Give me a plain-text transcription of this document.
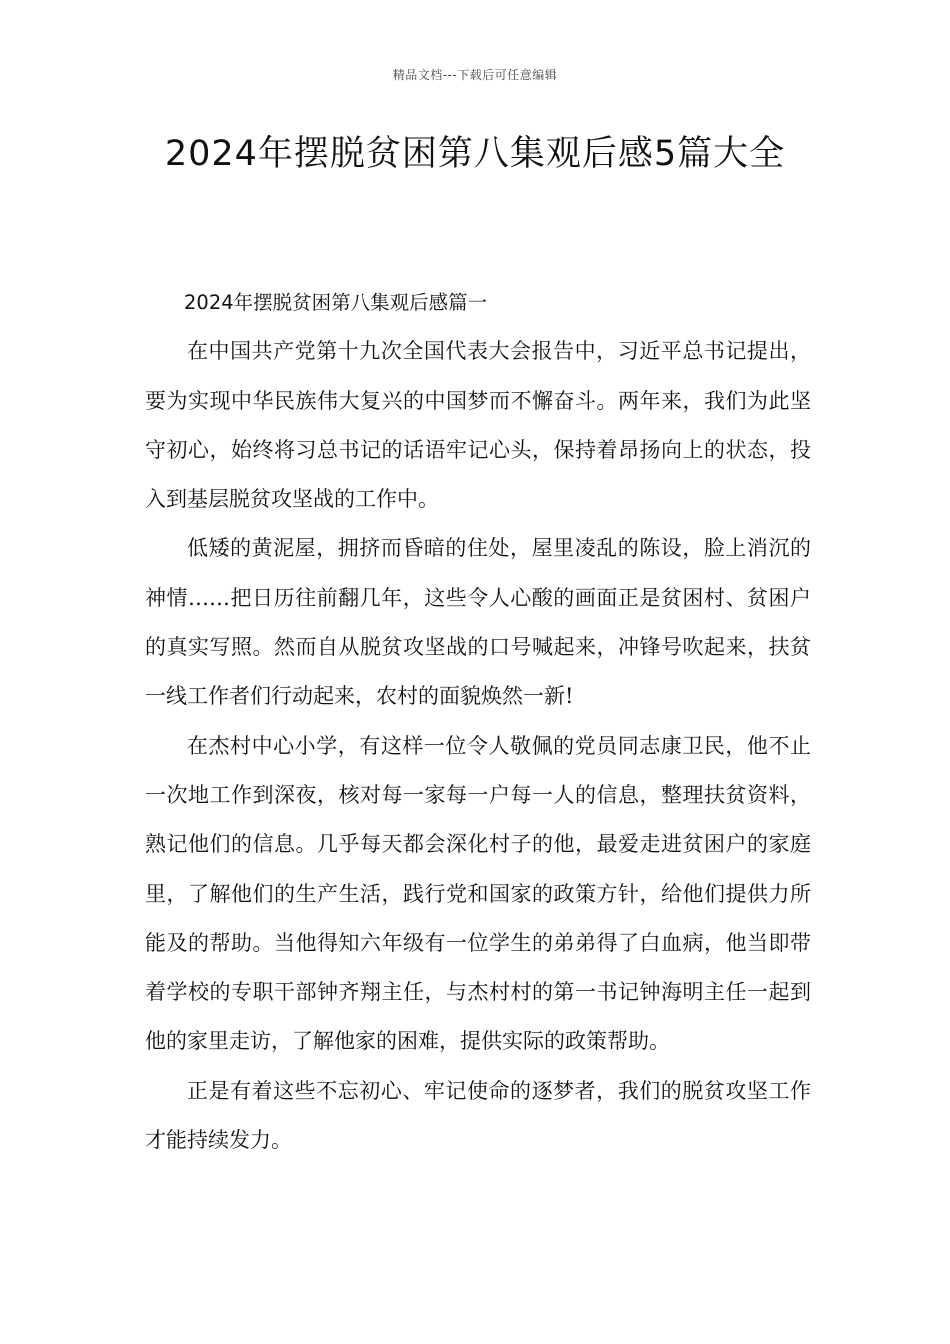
精品文档---下载后可任意编辑
2024年摆脱贫困第八集观后感5篇大全

2024年摆脱贫困第八集观后感篇一

在中国共产党第十九次全国代表大会报告中，习近平总书记提出，要为实现中华民族伟大复兴的中国梦而不懈奋斗。两年来，我们为此坚守初心，始终将习总书记的话语牢记心头，保持着昂扬向上的状态，投入到基层脱贫攻坚战的工作中。

低矮的黄泥屋，拥挤而昏暗的住处，屋里凌乱的陈设，脸上消沉的神情……把日历往前翻几年，这些令人心酸的画面正是贫困村、贫困户的真实写照。然而自从脱贫攻坚战的口号喊起来，冲锋号吹起来，扶贫一线工作者们行动起来，农村的面貌焕然一新!

在杰村中心小学，有这样一位令人敬佩的党员同志康卫民，他不止一次地工作到深夜，核对每一家每一户每一人的信息，整理扶贫资料，熟记他们的信息。几乎每天都会深化村子的他，最爱走进贫困户的家庭里，了解他们的生产生活，践行党和国家的政策方针，给他们提供力所能及的帮助。当他得知六年级有一位学生的弟弟得了白血病，他当即带着学校的专职干部钟齐翔主任，与杰村村的第一书记钟海明主任一起到他的家里走访，了解他家的困难，提供实际的政策帮助。

正是有着这些不忘初心、牢记使命的逐梦者，我们的脱贫攻坚工作才能持续发力。
